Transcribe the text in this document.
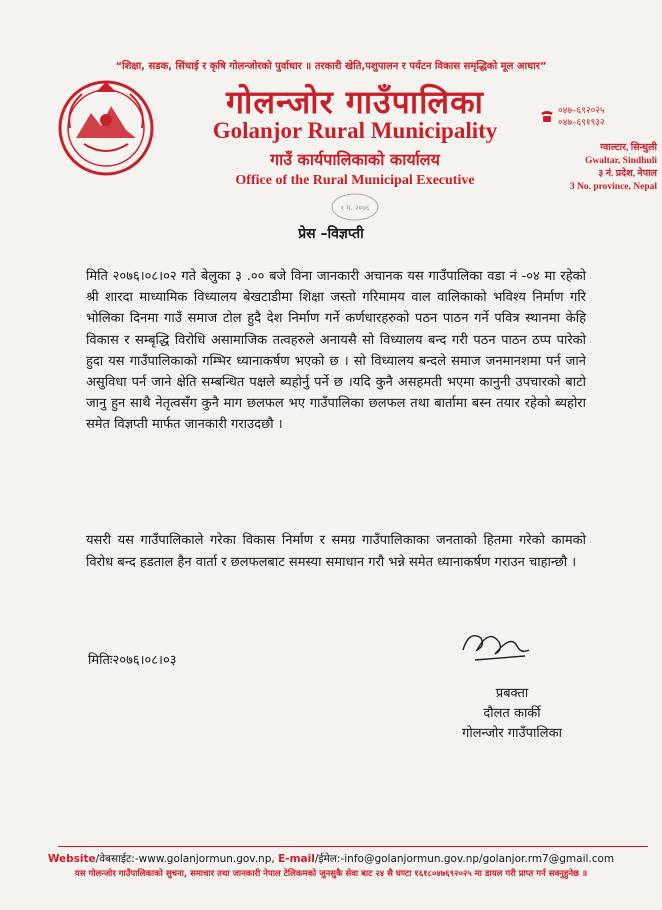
“शिक्षा, सडक, सिंचाई र कृषि गोलन्जोरको पुर्वाधार ॥ तरकारी खेति,पशुपालन र पर्यटन विकास समृद्धिको मूल आधार”
गोलन्जोर गाउँपालिका
Golanjor Rural Municipality
गाउँ कार्यपालिकाको कार्यालय
Office of the Rural Municipal Executive
०४७–६९२०२५
०४७–६९१९३२
ग्वाल्टार, सिन्धुली
Gwaltar, Sindhuli
३ नं. प्रदेश, नेपाल
3 No. province, Nepal
१ म. २०७६
प्रेस –विज्ञप्ती
मिति २०७६।०८।०२ गते बेलुका ३ .०० बजे विना जानकारी अचानक यस गाउँपालिका वडा नं -०४ मा रहेको श्री शारदा माध्यामिक विध्यालय बेखटाडीमा शिक्षा जस्तो गरिमामय वाल वालिकाको भविश्य निर्माण गरि भोलिका दिनमा गाउँ समाज टोल हुदै देश निर्माण गर्ने कर्णधारहरुको पठन पाठन गर्ने पवित्र स्थानमा केहि विकास र सम्बृद्धि विरोधि असामाजिक तत्वहरुले अनायसै सो विध्यालय बन्द गरी पठन पाठन ठप्प पारेको हुदा यस गाउँपालिकाको गम्भिर ध्यानाकर्षण भएको छ । सो विध्यालय बन्दले समाज जनमानशमा पर्न जाने असुविधा पर्न जाने क्षेति सम्बन्धित पक्षले ब्यहोर्नु पर्ने छ ।यदि कुनै असहमती भएमा कानुनी उपचारको बाटो जानु हुन साथै नेतृत्वसँग कुनै माग छलफल भए गाउँपालिका छलफल तथा बार्तामा बस्न तयार रहेको ब्यहोरा समेत विज्ञप्ती मार्फत जानकारी गराउदछौ ।
यसरी यस गाउँपालिकाले गरेका विकास निर्माण र समग्र गाउँपालिकाका जनताको हितमा गरेको कामको विरोध बन्द हडताल हैन वार्ता र छलफलबाट समस्या समाधान गरौ भन्ने समेत ध्यानाकर्षण गराउन चाहान्छौ ।
मितिः२०७६।०८।०३
प्रबक्ता
दौलत कार्की
गोलन्जोर गाउँपालिका
Website/वेबसाईट:-www.golanjormun.gov.np, E-mail/ईमेल:-info@golanjormun.gov.np/golanjor.rm7@gmail.com
यस गोलन्जोर गाउँपालिकाको सुचना, समाचार तथा जानकारी नेपाल टेलिकमको जुनसुकै सेवा बाट २४ सै घण्टा १६१८०४७६९२०२५ मा डायल गरी प्राप्त गर्न सक्नुहुनेछ ॥
